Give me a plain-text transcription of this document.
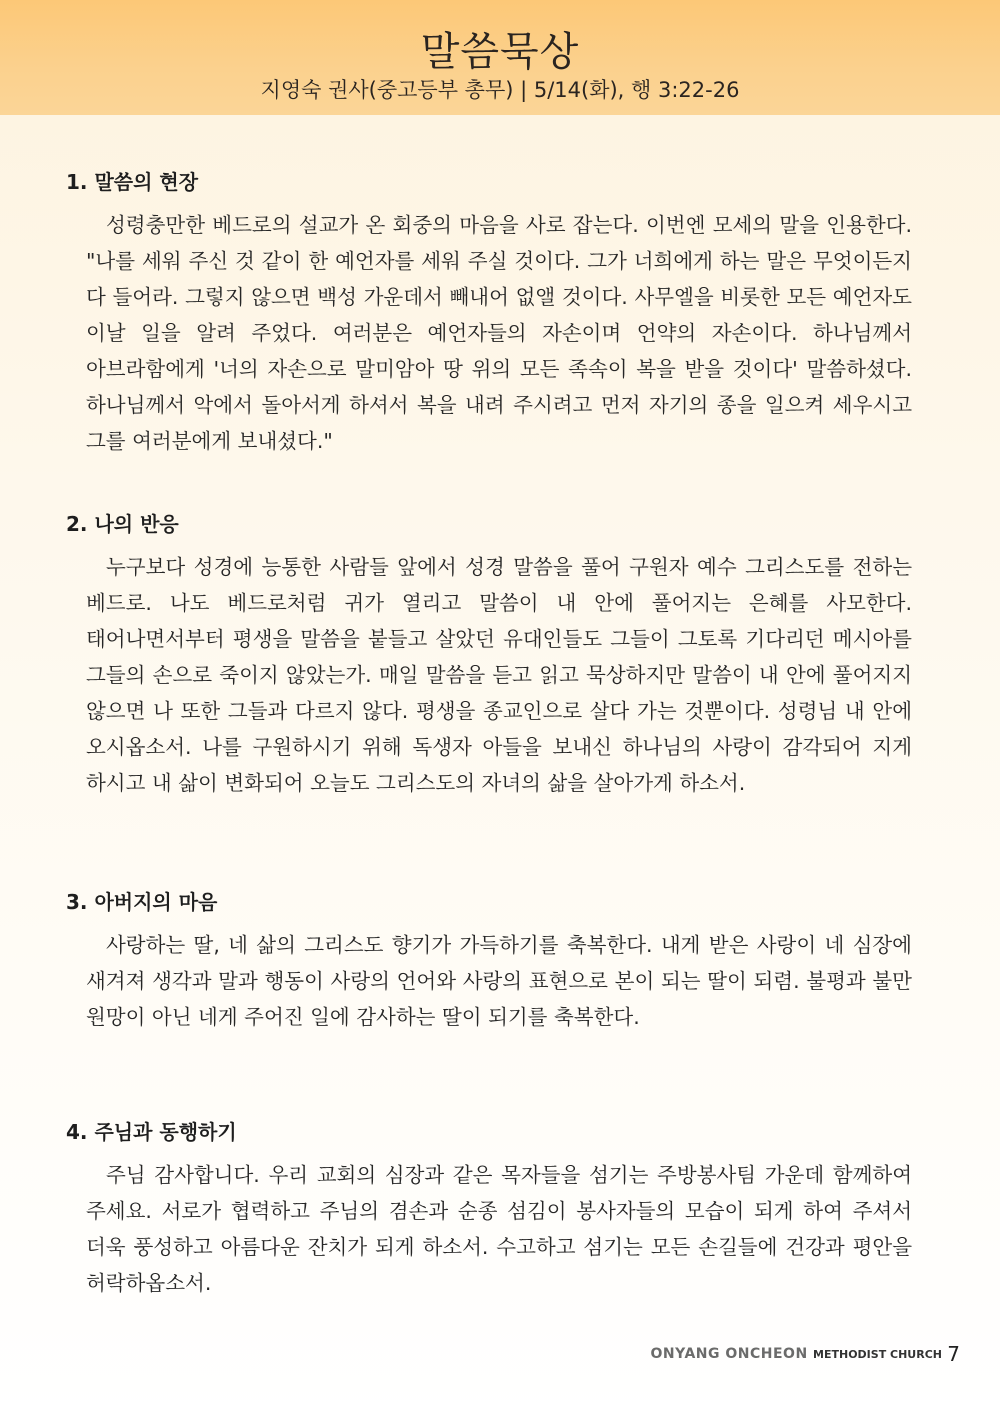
말씀묵상
지영숙 권사(중고등부 총무) | 5/14(화), 행 3:22-26
1. 말씀의 현장

성령충만한 베드로의 설교가 온 회중의 마음을 사로 잡는다. 이번엔 모세의 말을 인용한다. "나를 세워 주신 것 같이 한 예언자를 세워 주실 것이다. 그가 너희에게 하는 말은 무엇이든지 다 들어라. 그렇지 않으면 백성 가운데서 빼내어 없앨 것이다. 사무엘을 비롯한 모든 예언자도 이날 일을 알려 주었다. 여러분은 예언자들의 자손이며 언약의 자손이다. 하나님께서 아브라함에게 '너의 자손으로 말미암아 땅 위의 모든 족속이 복을 받을 것이다' 말씀하셨다. 하나님께서 악에서 돌아서게 하셔서 복을 내려 주시려고 먼저 자기의 종을 일으켜 세우시고 그를 여러분에게 보내셨다."

2. 나의 반응

누구보다 성경에 능통한 사람들 앞에서 성경 말씀을 풀어 구원자 예수 그리스도를 전하는 베드로. 나도 베드로처럼 귀가 열리고 말씀이 내 안에 풀어지는 은혜를 사모한다. 태어나면서부터 평생을 말씀을 붙들고 살았던 유대인들도 그들이 그토록 기다리던 메시아를 그들의 손으로 죽이지 않았는가. 매일 말씀을 듣고 읽고 묵상하지만 말씀이 내 안에 풀어지지 않으면 나 또한 그들과 다르지 않다. 평생을 종교인으로 살다 가는 것뿐이다. 성령님 내 안에 오시옵소서. 나를 구원하시기 위해 독생자 아들을 보내신 하나님의 사랑이 감각되어 지게 하시고 내 삶이 변화되어 오늘도 그리스도의 자녀의 삶을 살아가게 하소서.

3. 아버지의 마음

사랑하는 딸, 네 삶의 그리스도 향기가 가득하기를 축복한다. 내게 받은 사랑이 네 심장에 새겨져 생각과 말과 행동이 사랑의 언어와 사랑의 표현으로 본이 되는 딸이 되렴. 불평과 불만 원망이 아닌 네게 주어진 일에 감사하는 딸이 되기를 축복한다.

4. 주님과 동행하기

주님 감사합니다. 우리 교회의 심장과 같은 목자들을 섬기는 주방봉사팀 가운데 함께하여 주세요. 서로가 협력하고 주님의 겸손과 순종 섬김이 봉사자들의 모습이 되게 하여 주셔서 더욱 풍성하고 아름다운 잔치가 되게 하소서. 수고하고 섬기는 모든 손길들에 건강과 평안을 허락하옵소서.

ONYANG ONCHEON METHODIST CHURCH 7
